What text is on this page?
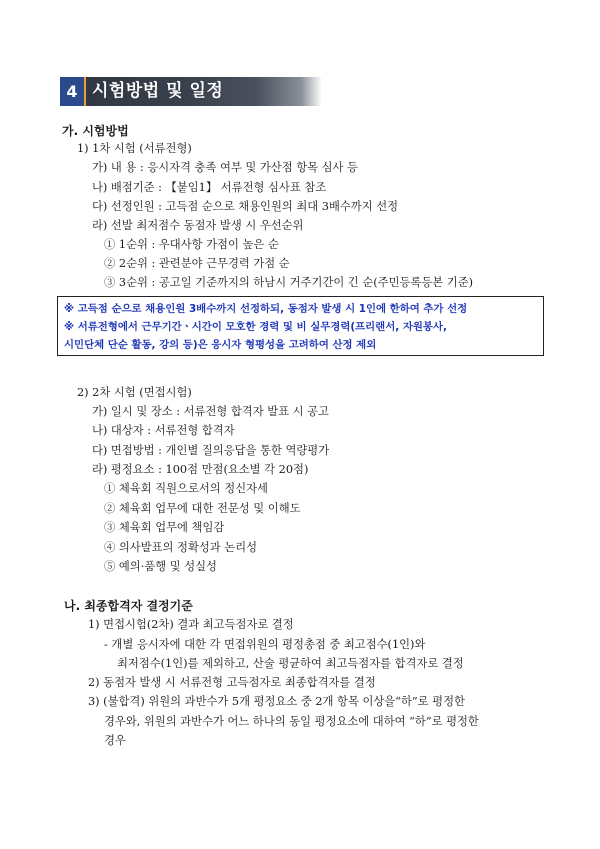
4 시험방법 및 일정
가. 시험방법
1) 1차 시험 (서류전형)
가) 내 용 : 응시자격 충족 여부 및 가산점 항목 심사 등
나) 배점기준 : 【붙임1】 서류전형 심사표 참조
다) 선정인원 : 고득점 순으로 채용인원의 최대 3배수까지 선정
라) 선발 최저점수 동점자 발생 시 우선순위
① 1순위 : 우대사항 가점이 높은 순
② 2순위 : 관련분야 근무경력 가점 순
③ 3순위 : 공고일 기준까지의 하남시 거주기간이 긴 순(주민등록등본 기준)
※ 고득점 순으로 채용인원 3배수까지 선정하되, 동점자 발생 시 1인에 한하여 추가 선정
※ 서류전형에서 근무기간ㆍ시간이 모호한 경력 및 비 실무경력(프리랜서, 자원봉사,
시민단체 단순 활동, 강의 등)은 응시자 형평성을 고려하여 산정 제외
2) 2차 시험 (면접시험)
가) 일시 및 장소 : 서류전형 합격자 발표 시 공고
나) 대상자 : 서류전형 합격자
다) 면접방법 : 개인별 질의응답을 통한 역량평가
라) 평정요소 : 100점 만점(요소별 각 20점)
① 체육회 직원으로서의 정신자세
② 체육회 업무에 대한 전문성 및 이해도
③ 체육회 업무에 책임감
④ 의사발표의 정확성과 논리성
⑤ 예의·품행 및 성실성
나. 최종합격자 결정기준
1) 면접시험(2차) 결과 최고득점자로 결정
- 개별 응시자에 대한 각 면접위원의 평정총점 중 최고점수(1인)와
최저점수(1인)를 제외하고, 산술 평균하여 최고득점자를 합격자로 결정
2) 동점자 발생 시 서류전형 고득점자로 최종합격자를 결정
3) (불합격) 위원의 과반수가 5개 평정요소 중 2개 항목 이상을“하”로 평정한
경우와, 위원의 과반수가 어느 하나의 동일 평정요소에 대하여 “하”로 평정한
경우
